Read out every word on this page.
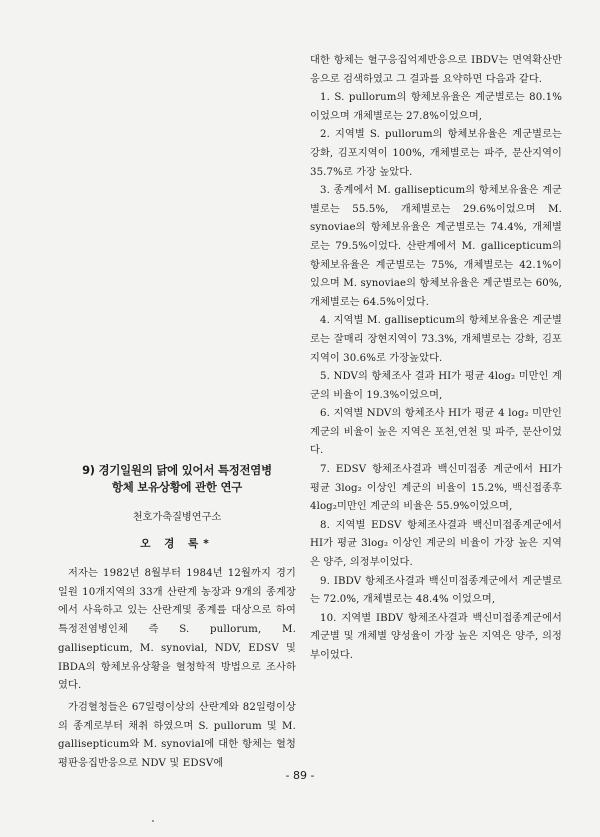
9) 경기일원의 닭에 있어서 특정전염병

항체 보유상황에 관한 연구

천호가축질병연구소

오 경 록*

저자는 1982년 8월부터 1984년 12월까지 경기일원 10개지역의 33개 산란계 농장과 9개의 종계장에서 사육하고 있는 산란계및 종계를 대상으로 하여 특정전염병인체 즉 S. pullorum, M. gallisepticum, M. synovial, NDV, EDSV 및 IBDA의 항체보유상황을 혈청학적 방법으로 조사하였다.

가검혈청들은 67일령이상의 산란계와 82일령이상의 종계로부터 채취 하였으며 S. pullorum 및 M. gallisepticum와 M. synovial에 대한 항체는 혈청평판응집반응으로 NDV 및 EDSV에

대한 항체는 혈구응집억제반응으로 IBDV는 면역확산반응으로 검색하였고 그 결과를 요약하면 다음과 같다.

1. S. pullorum의 항체보유율은 계군별로는 80.1%이었으며 개체별로는 27.8%이었으며,

2. 지역별 S. pullorum의 항체보유율은 계군별로는 강화, 김포지역이 100%, 개체별로는 파주, 문산지역이 35.7%로 가장 높았다.

3. 종계에서 M. gallisepticum의 항체보유율은 계군별로는 55.5%, 개체별로는 29.6%이었으며 M. synoviae의 항체보유율은 계군별로는 74.4%, 개체별로는 79.5%이었다. 산란계에서 M. gallicepticum의 항체보유율은 계군별로는 75%, 개체별로는 42.1%이 있으며 M. synoviae의 항체보유율은 계군별로는 60%, 개체별로는 64.5%이었다.

4. 지역별 M. gallisepticum의 항체보유율은 계군별로는 잘매리 장현지역이 73.3%, 개체별로는 강화, 김포지역이 30.6%로 가장높았다.

5. NDV의 항체조사 결과 HI가 평균 4log₂ 미만인 계군의 비율이 19.3%이었으며,

6. 지역별 NDV의 항체조사 HI가 평균 4 log₂ 미만인 계군의 비율이 높은 지역은 포천,연천 및 파주, 문산이었다.

7. EDSV 항체조사결과 백신미접종 계군에서 HI가 평균 3log₂ 이상인 계군의 비율이 15.2%, 백신접종후 4log₂미만인 계군의 비율은 55.9%이었으며,

8. 지역별 EDSV 항체조사결과 백신미접종계군에서 HI가 평균 3log₂ 이상인 계군의 비율이 가장 높은 지역은 양주, 의정부이었다.

9. IBDV 항체조사결과 백신미접종계군에서 계군별로는 72.0%, 개체별로는 48.4% 이었으며,

10. 지역별 IBDV 항체조사결과 백신미접종계군에서 계군별 및 개체별 양성율이 가장 높은 지역은 양주, 의정부이었다.

- 89 -
